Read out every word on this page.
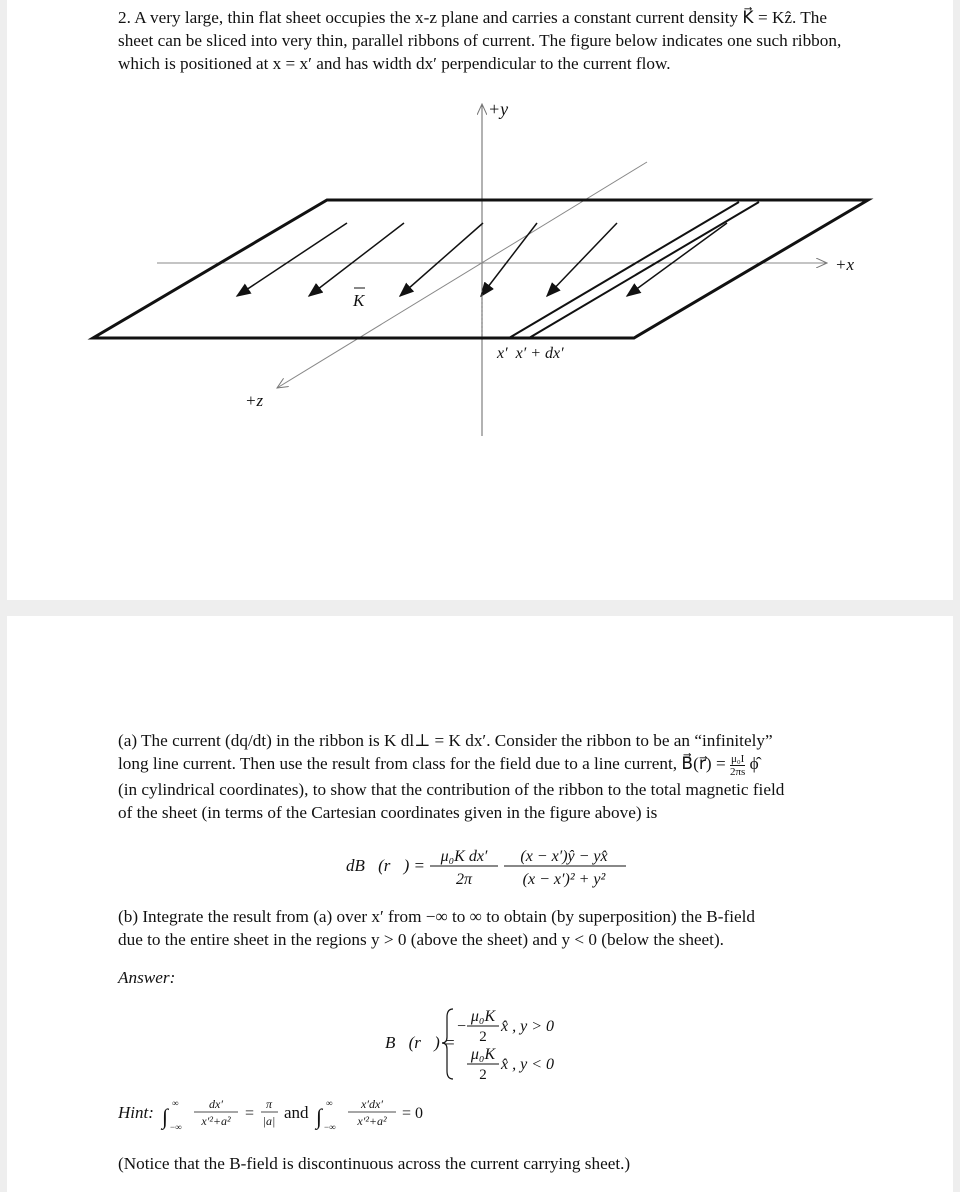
2. A very large, thin flat sheet occupies the x-z plane and carries a constant current density K⃗ = Kẑ. The sheet can be sliced into very thin, parallel ribbons of current. The figure below indicates one such ribbon, which is positioned at x = x′ and has width dx′ perpendicular to the current flow.

+y
+x
+z
K
x′  x′ + dx′
(a) The current (dq/dt) in the ribbon is K dl⊥ = K dx′. Consider the ribbon to be an “infinitely”
long line current. Then use the result from class for the field due to a line current, B⃗(r⃗) = $\frac{\text{μ₀I}}{2\pi s}$ ϕ̂
(in cylindrical coordinates), to show that the contribution of the ribbon to the total magnetic field
of the sheet (in terms of the Cartesian coordinates given in the figure above) is
dB⃗(r⃗) = μ₀K dx′
2π
(x − x′)ŷ − yx̂
(x − x′)² + y²
(b) Integrate the result from (a) over x′ from −∞ to ∞ to obtain (by superposition) the B-field
due to the entire sheet in the regions y > 0 (above the sheet) and y < 0 (below the sheet).
Answer:
B⃗(r⃗) =
−
μ₀K
2
x̂ , y > 0
μ₀K
2
x̂ , y < 0
Hint: ∫
∞
−∞
dx′
x′²+a² =
π
|a| and ∫
∞
−∞
x′dx′
x′²+a² = 0
(Notice that the B-field is discontinuous across the current carrying sheet.)
